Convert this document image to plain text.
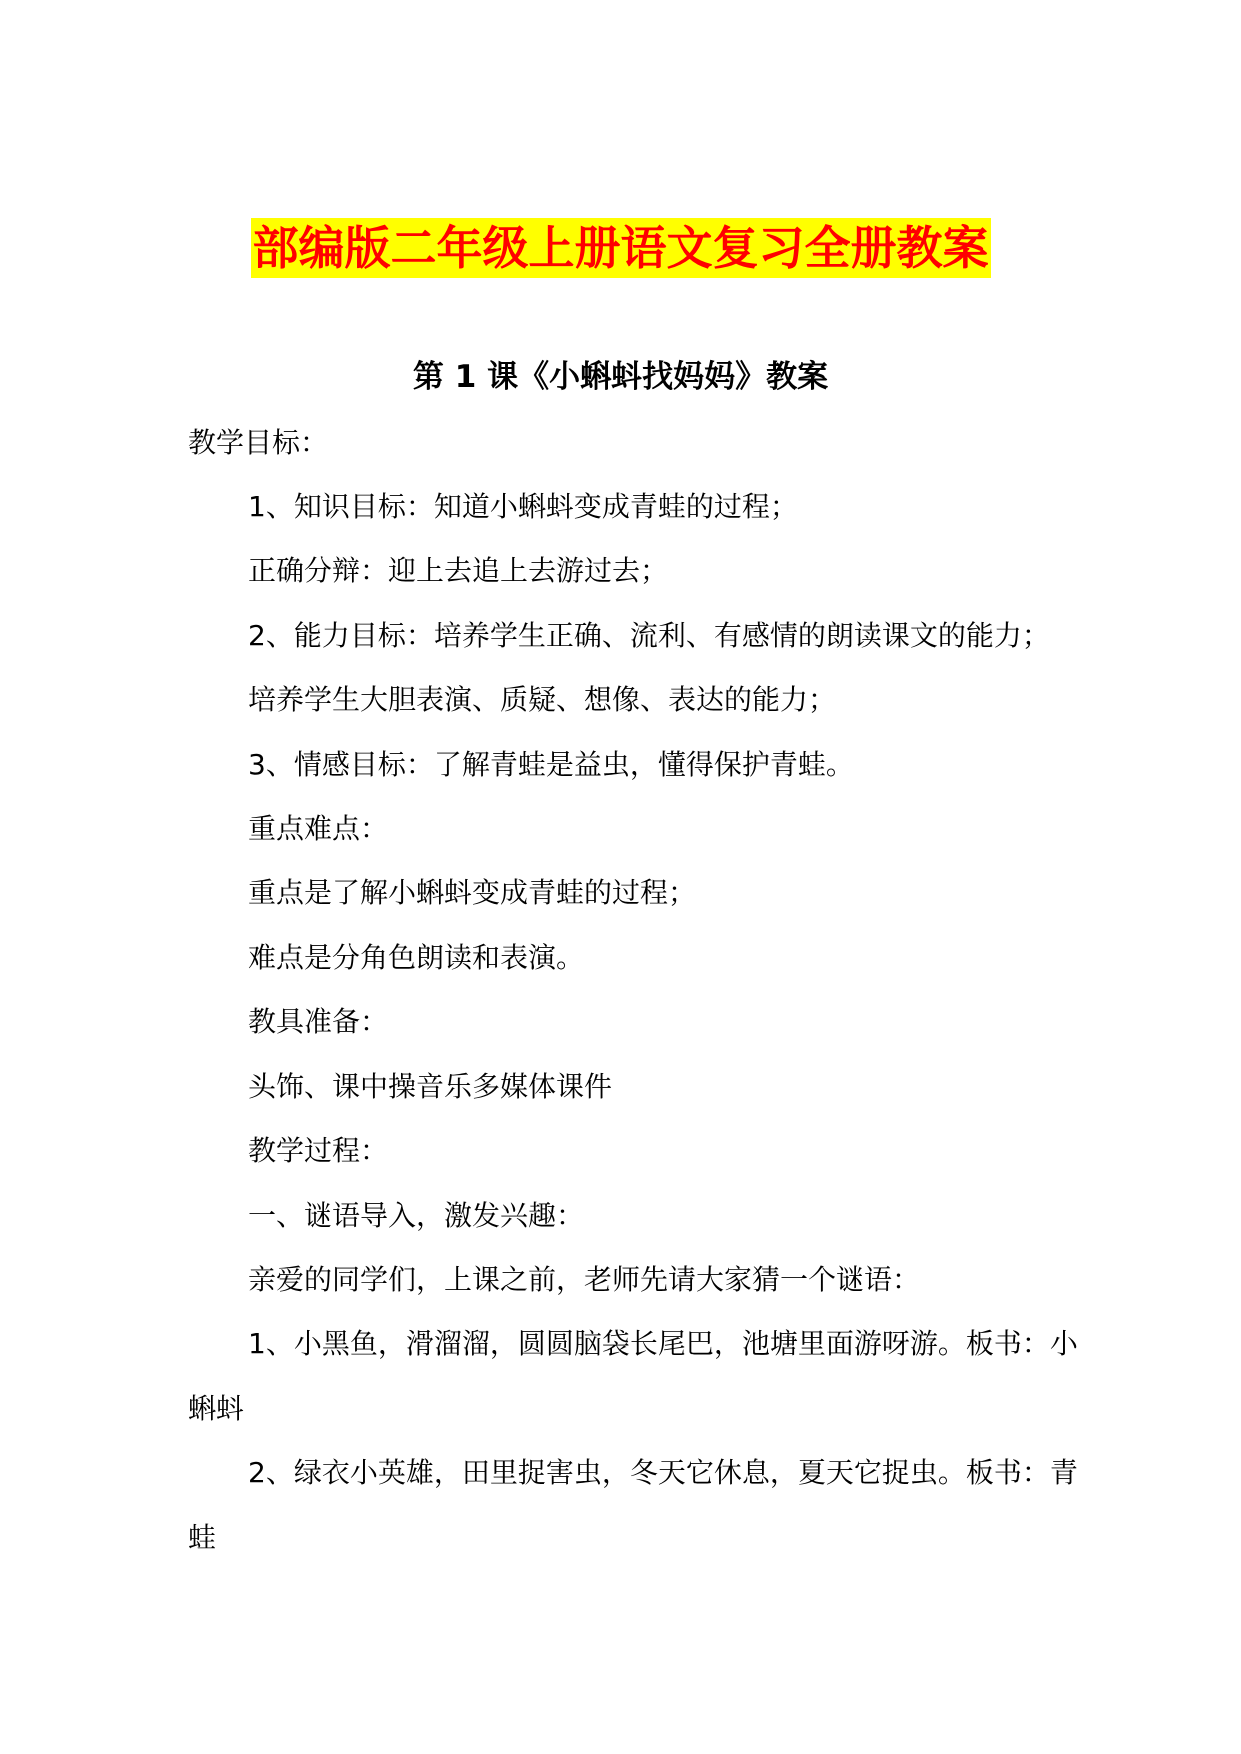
部编版二年级上册语文复习全册教案
第 1 课《小蝌蚪找妈妈》教案
教学目标：
1、知识目标：知道小蝌蚪变成青蛙的过程；
正确分辩：迎上去追上去游过去；
2、能力目标：培养学生正确、流利、有感情的朗读课文的能力；
培养学生大胆表演、质疑、想像、表达的能力；
3、情感目标：了解青蛙是益虫，懂得保护青蛙。
重点难点：
重点是了解小蝌蚪变成青蛙的过程；
难点是分角色朗读和表演。
教具准备：
头饰、课中操音乐多媒体课件
教学过程：
一、谜语导入，激发兴趣：
亲爱的同学们，上课之前，老师先请大家猜一个谜语：
1、小黑鱼，滑溜溜，圆圆脑袋长尾巴，池塘里面游呀游。板书：小
蝌蚪
2、绿衣小英雄，田里捉害虫，冬天它休息，夏天它捉虫。板书：青
蛙
